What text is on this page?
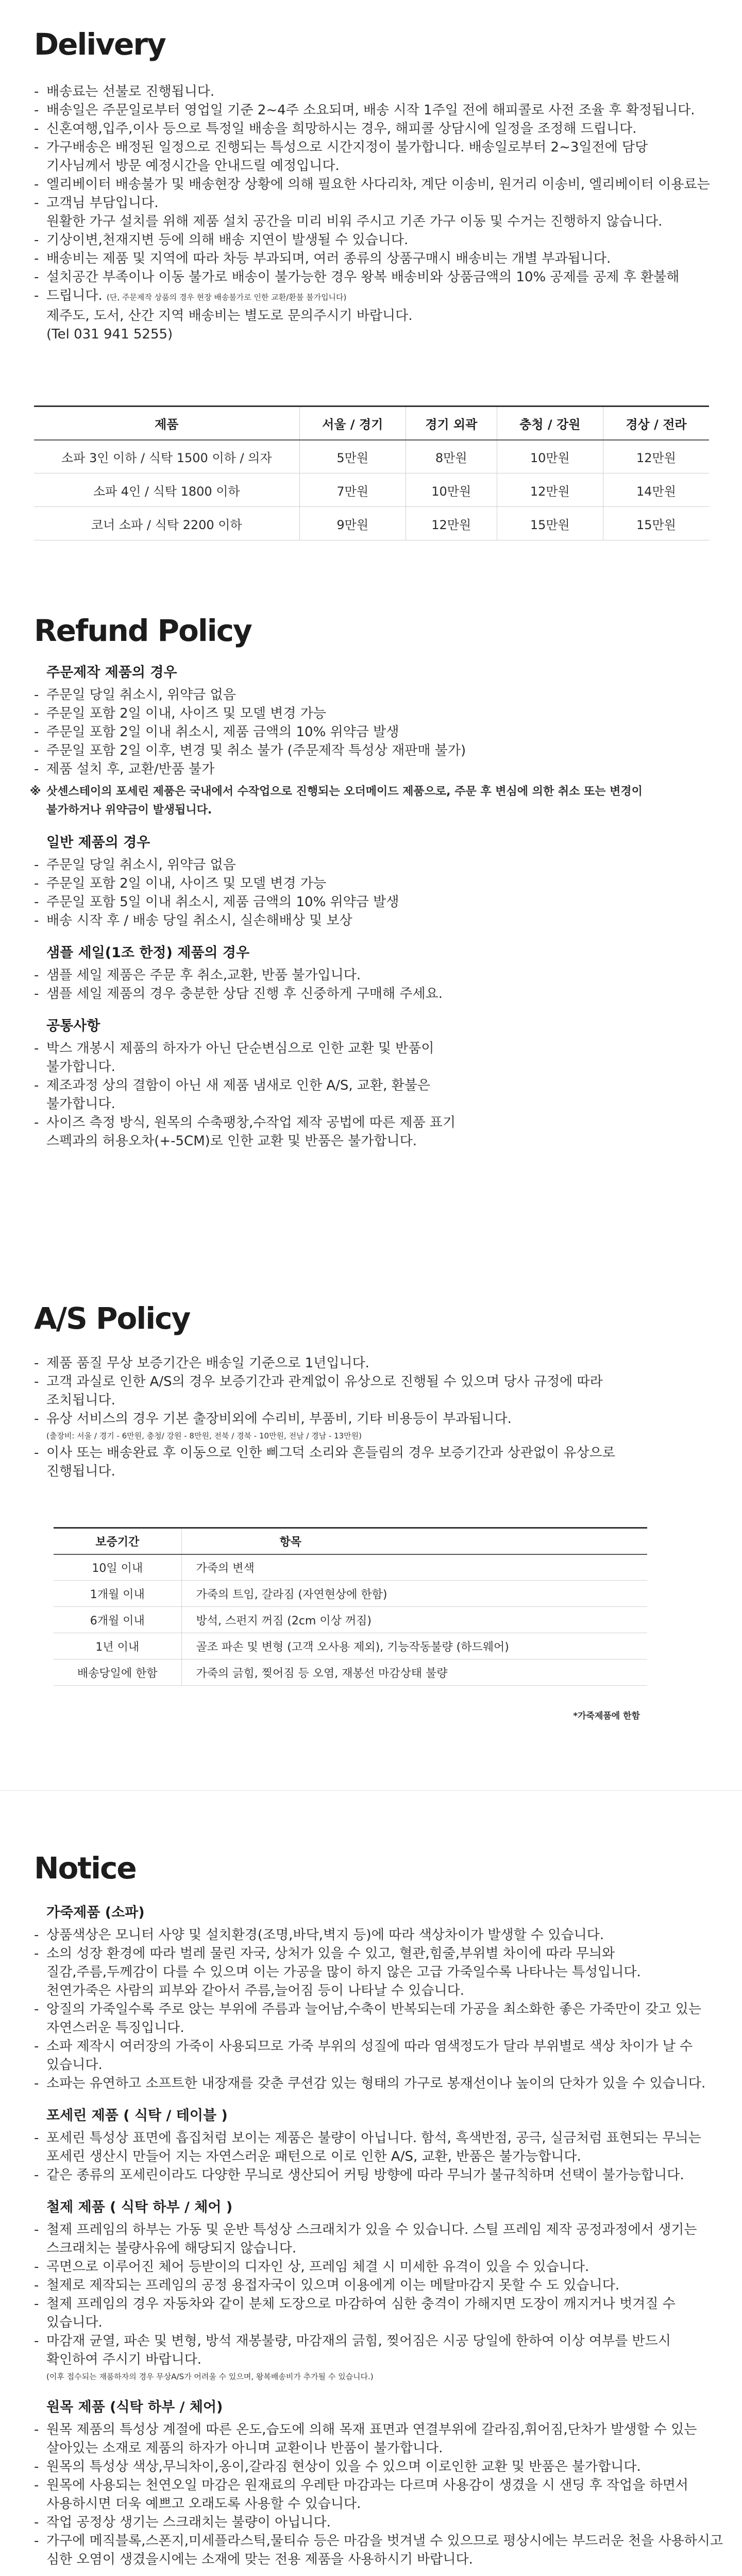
Delivery
- 배송료는 선불로 진행됩니다.
- 배송일은 주문일로부터 영업일 기준 2~4주 소요되며, 배송 시작 1주일 전에 해피콜로 사전 조율 후 확정됩니다.
- 신혼여행,입주,이사 등으로 특정일 배송을 희망하시는 경우, 해피콜 상담시에 일정을 조정해 드립니다.
- 가구배송은 배정된 일정으로 진행되는 특성으로 시간지정이 불가합니다. 배송일로부터 2~3일전에 담당
기사님께서 방문 예정시간을 안내드릴 예정입니다.
- 엘리베이터 배송불가 및 배송현장 상황에 의해 필요한 사다리차, 계단 이송비, 원거리 이송비, 엘리베이터 이용료는
- 고객님 부담입니다.
원활한 가구 설치를 위해 제품 설치 공간을 미리 비워 주시고 기존 가구 이동 및 수거는 진행하지 않습니다.
- 기상이변,천재지변 등에 의해 배송 지연이 발생될 수 있습니다.
- 배송비는 제품 및 지역에 따라 차등 부과되며, 여러 종류의 상품구매시 배송비는 개별 부과됩니다.
- 설치공간 부족이나 이동 불가로 배송이 불가능한 경우 왕복 배송비와 상품금액의 10% 공제를 공제 후 환불해
- 드립니다. (단, 주문제작 상품의 경우 현장 배송불가로 인한 교환/환불 불가입니다)
제주도, 도서, 산간 지역 배송비는 별도로 문의주시기 바랍니다.
(Tel 031 941 5255)
제품	서울 / 경기	경기 외곽	충청 / 강원	경상 / 전라
소파 3인 이하 / 식탁 1500 이하 / 의자	5만원	8만원	10만원	12만원
소파 4인 / 식탁 1800 이하	7만원	10만원	12만원	14만원
코너 소파 / 식탁 2200 이하	9만원	12만원	15만원	15만원
Refund Policy
주문제작 제품의 경우
- 주문일 당일 취소시, 위약금 없음
- 주문일 포함 2일 이내, 사이즈 및 모델 변경 가능
- 주문일 포함 2일 이내 취소시, 제품 금액의 10% 위약금 발생
- 주문일 포함 2일 이후, 변경 및 취소 불가 (주문제작 특성상 재판매 불가)
- 제품 설치 후, 교환/반품 불가
※ 삿센스테이의 포세린 제품은 국내에서 수작업으로 진행되는 오더메이드 제품으로, 주문 후 변심에 의한 취소 또는 변경이
불가하거나 위약금이 발생됩니다.
일반 제품의 경우
- 주문일 당일 취소시, 위약금 없음
- 주문일 포함 2일 이내, 사이즈 및 모델 변경 가능
- 주문일 포함 5일 이내 취소시, 제품 금액의 10% 위약금 발생
- 배송 시작 후 / 배송 당일 취소시, 실손해배상 및 보상
샘플 세일(1조 한정) 제품의 경우
- 샘플 세일 제품은 주문 후 취소,교환, 반품 불가입니다.
- 샘플 세일 제품의 경우 충분한 상담 진행 후 신중하게 구매해 주세요.
공통사항
- 박스 개봉시 제품의 하자가 아닌 단순변심으로 인한 교환 및 반품이
불가합니다.
- 제조과정 상의 결함이 아닌 새 제품 냄새로 인한 A/S, 교환, 환불은
불가합니다.
- 사이즈 측정 방식, 원목의 수축팽창,수작업 제작 공법에 따른 제품 표기
스펙과의 허용오차(+-5CM)로 인한 교환 및 반품은 불가합니다.
A/S Policy
- 제품 품질 무상 보증기간은 배송일 기준으로 1년입니다.
- 고객 과실로 인한 A/S의 경우 보증기간과 관계없이 유상으로 진행될 수 있으며 당사 규정에 따라
조치됩니다.
- 유상 서비스의 경우 기본 출장비외에 수리비, 부품비, 기타 비용등이 부과됩니다.
(출장비: 서울 / 경기 - 6만원, 충청/ 강원 - 8만원, 전북 / 경북 - 10만원, 전남 / 경남 - 13만원)
- 이사 또는 배송완료 후 이동으로 인한 삐그덕 소리와 흔들림의 경우 보증기간과 상관없이 유상으로
진행됩니다.
보증기간	항목
10일 이내	가죽의 변색
1개월 이내	가죽의 트임, 갈라짐 (자연현상에 한함)
6개월 이내	방석, 스펀지 꺼짐 (2cm 이상 꺼짐)
1년 이내	골조 파손 및 변형 (고객 오사용 제외), 기능작동불량 (하드웨어)
배송당일에 한함	가죽의 긁힘, 찢어짐 등 오염, 재봉선 마감상태 불량
*가죽제품에 한함
Notice
가죽제품 (소파)
- 상품색상은 모니터 사양 및 설치환경(조명,바닥,벽지 등)에 따라 색상차이가 발생할 수 있습니다.
- 소의 성장 환경에 따라 벌레 물린 자국, 상처가 있을 수 있고, 혈관,힘줄,부위별 차이에 따라 무늬와
질감,주름,두께감이 다를 수 있으며 이는 가공을 많이 하지 않은 고급 가죽일수록 나타나는 특성입니다.
천연가죽은 사람의 피부와 같아서 주름,늘어짐 등이 나타날 수 있습니다.
- 앙질의 가죽일수록 주로 앉는 부위에 주름과 늘어남,수축이 반복되는데 가공을 최소화한 좋은 가죽만이 갖고 있는
자연스러운 특징입니다.
- 소파 제작시 여러장의 가죽이 사용되므로 가죽 부위의 성질에 따라 염색정도가 달라 부위별로 색상 차이가 날 수
있습니다.
- 소파는 유연하고 소프트한 내장재를 갖춘 쿠션감 있는 형태의 가구로 봉재선이나 높이의 단차가 있을 수 있습니다.
포세린 제품 ( 식탁 / 테이블 )
- 포세린 특성상 표면에 흡집처럼 보이는 제품은 불량이 아닙니다. 함석, 흑색반점, 공극, 실금처럼 표현되는 무늬는
포세린 생산시 만들어 지는 자연스러운 패턴으로 이로 인한 A/S, 교환, 반품은 불가능합니다.
- 같은 종류의 포세린이라도 다양한 무늬로 생산되어 커팅 방향에 따라 무늬가 불규칙하며 선택이 불가능합니다.
철제 제품 ( 식탁 하부 / 체어 )
- 철제 프레임의 하부는 가동 및 운반 특성상 스크래치가 있을 수 있습니다. 스틸 프레임 제작 공정과정에서 생기는
스크래치는 불량사유에 해당되지 않습니다.
- 곡면으로 이루어진 체어 등받이의 디자인 상, 프레임 체결 시 미세한 유격이 있을 수 있습니다.
- 철제로 제작되는 프레임의 공정 용접자국이 있으며 이용에게 이는 메탈마감지 못할 수 도 있습니다.
- 철제 프레임의 경우 자동차와 같이 분체 도장으로 마감하여 심한 충격이 가해지면 도장이 깨지거나 벗겨질 수
있습니다.
- 마감재 균열, 파손 및 변형, 방석 재봉불량, 마감재의 긁힘, 찢어짐은 시공 당일에 한하여 이상 여부를 반드시
확인하여 주시기 바랍니다.
(이후 접수되는 재품하자의 경우 무상A/S가 어려울 수 있으며, 왕복배송비가 추가될 수 있습니다.)
원목 제품 (식탁 하부 / 체어)
- 원목 제품의 특성상 계절에 따른 온도,습도에 의해 목재 표면과 연결부위에 갈라짐,휘어짐,단차가 발생할 수 있는
살아있는 소재로 제품의 하자가 아니며 교환이나 반품이 불가합니다.
- 원목의 특성상 색상,무늬차이,옹이,갈라짐 현상이 있을 수 있으며 이로인한 교환 및 반품은 불가합니다.
- 원목에 사용되는 천연오일 마감은 원재료의 우레탄 마감과는 다르며 사용감이 생겼을 시 샌딩 후 작업을 하면서
사용하시면 더욱 예쁘고 오래도록 사용할 수 있습니다.
- 작업 공정상 생기는 스크래치는 불량이 아닙니다.
- 가구에 메직블록,스폰지,미세플라스틱,물티슈 등은 마감을 벗겨낼 수 있으므로 평상시에는 부드러운 천을 사용하시고
심한 오염이 생겼을시에는 소재에 맞는 전용 제품을 사용하시기 바랍니다.
